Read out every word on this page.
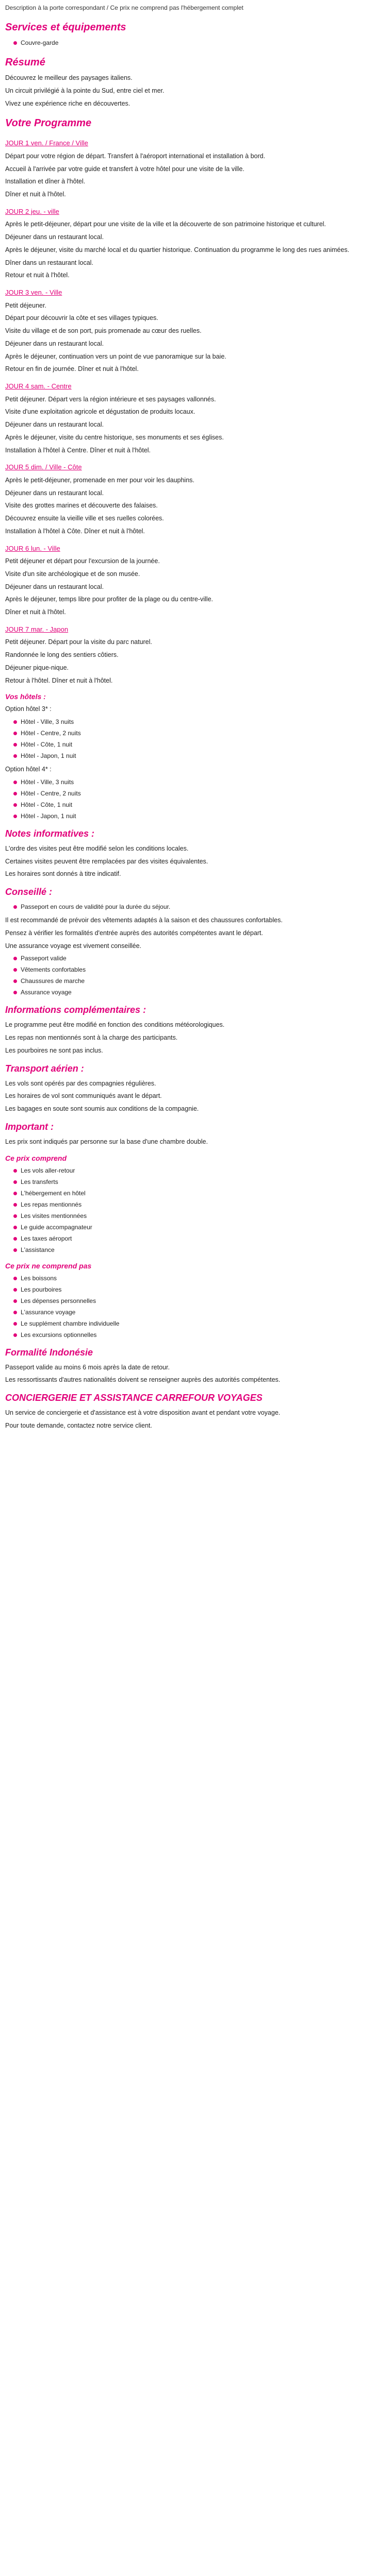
Description à la porte correspondant / Ce prix ne comprend pas l'hébergement complet

Services et équipements
Couvre-garde
Résumé

Découvrez le meilleur des paysages italiens.

Un circuit privilégié à la pointe du Sud, entre ciel et mer.

Vivez une expérience riche en découvertes.

Votre Programme
JOUR 1 ven. / France / Ville

Départ pour votre région de départ. Transfert à l'aéroport international et installation à bord.

Accueil à l'arrivée par votre guide et transfert à votre hôtel pour une visite de la ville.

Installation et dîner à l'hôtel.

Dîner et nuit à l'hôtel.

JOUR 2 jeu. - ville

Après le petit-déjeuner, départ pour une visite de la ville et la découverte de son patrimoine historique et culturel.

Déjeuner dans un restaurant local.

Après le déjeuner, visite du marché local et du quartier historique. Continuation du programme le long des rues animées.

Dîner dans un restaurant local.

Retour et nuit à l'hôtel.

JOUR 3 ven. - Ville

Petit déjeuner.

Départ pour découvrir la côte et ses villages typiques.

Visite du village et de son port, puis promenade au cœur des ruelles.

Déjeuner dans un restaurant local.

Après le déjeuner, continuation vers un point de vue panoramique sur la baie.

Retour en fin de journée. Dîner et nuit à l'hôtel.

JOUR 4 sam. - Centre

Petit déjeuner. Départ vers la région intérieure et ses paysages vallonnés.

Visite d'une exploitation agricole et dégustation de produits locaux.

Déjeuner dans un restaurant local.

Après le déjeuner, visite du centre historique, ses monuments et ses églises.

Installation à l'hôtel à Centre. Dîner et nuit à l'hôtel.

JOUR 5 dim. / Ville - Côte

Après le petit-déjeuner, promenade en mer pour voir les dauphins.

Déjeuner dans un restaurant local.

Visite des grottes marines et découverte des falaises.

Découvrez ensuite la vieille ville et ses ruelles colorées.

Installation à l'hôtel à Côte. Dîner et nuit à l'hôtel.

JOUR 6 lun. - Ville

Petit déjeuner et départ pour l'excursion de la journée.

Visite d'un site archéologique et de son musée.

Déjeuner dans un restaurant local.

Après le déjeuner, temps libre pour profiter de la plage ou du centre-ville.

Dîner et nuit à l'hôtel.

JOUR 7 mar. - Japon

Petit déjeuner. Départ pour la visite du parc naturel.

Randonnée le long des sentiers côtiers.

Déjeuner pique-nique.

Retour à l'hôtel. Dîner et nuit à l'hôtel.

Vos hôtels :

Option hôtel 3* :

Hôtel - Ville, 3 nuits
Hôtel - Centre, 2 nuits
Hôtel - Côte, 1 nuit
Hôtel - Japon, 1 nuit

Option hôtel 4* :

Hôtel - Ville, 3 nuits
Hôtel - Centre, 2 nuits
Hôtel - Côte, 1 nuit
Hôtel - Japon, 1 nuit
Notes informatives :

L'ordre des visites peut être modifié selon les conditions locales.

Certaines visites peuvent être remplacées par des visites équivalentes.

Les horaires sont donnés à titre indicatif.

Conseillé :
Passeport en cours de validité pour la durée du séjour.

Il est recommandé de prévoir des vêtements adaptés à la saison et des chaussures confortables.

Pensez à vérifier les formalités d'entrée auprès des autorités compétentes avant le départ.

Une assurance voyage est vivement conseillée.

Passeport valide
Vêtements confortables
Chaussures de marche
Assurance voyage
Informations complémentaires :

Le programme peut être modifié en fonction des conditions météorologiques.

Les repas non mentionnés sont à la charge des participants.

Les pourboires ne sont pas inclus.

Transport aérien :

Les vols sont opérés par des compagnies régulières.

Les horaires de vol sont communiqués avant le départ.

Les bagages en soute sont soumis aux conditions de la compagnie.

Important :

Les prix sont indiqués par personne sur la base d'une chambre double.

Ce prix comprend
Les vols aller-retour
Les transferts
L'hébergement en hôtel
Les repas mentionnés
Les visites mentionnées
Le guide accompagnateur
Les taxes aéroport
L'assistance
Ce prix ne comprend pas
Les boissons
Les pourboires
Les dépenses personnelles
L'assurance voyage
Le supplément chambre individuelle
Les excursions optionnelles
Formalité Indonésie

Passeport valide au moins 6 mois après la date de retour.

Les ressortissants d'autres nationalités doivent se renseigner auprès des autorités compétentes.

CONCIERGERIE ET ASSISTANCE CARREFOUR VOYAGES

Un service de conciergerie et d'assistance est à votre disposition avant et pendant votre voyage.

Pour toute demande, contactez notre service client.
